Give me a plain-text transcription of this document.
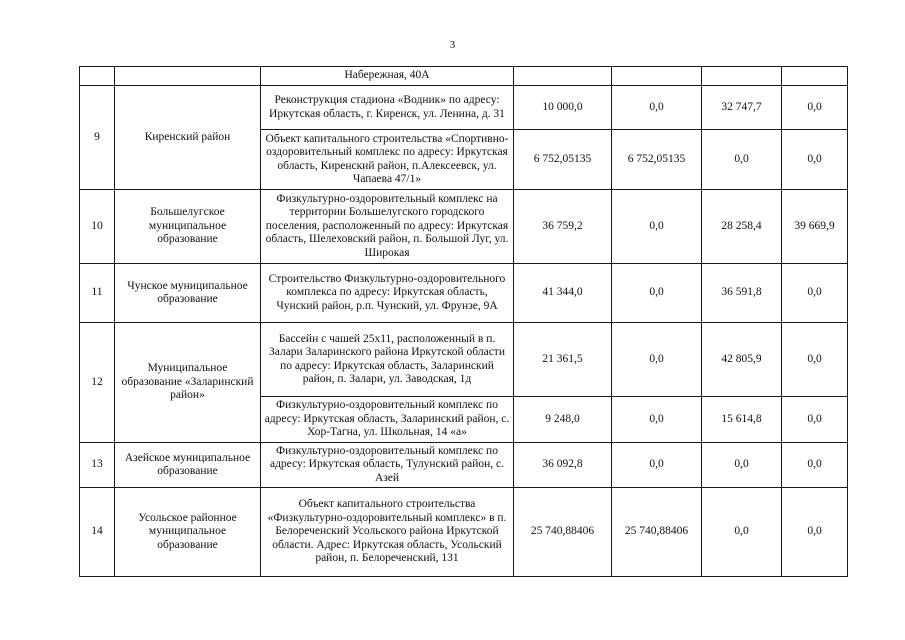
3
		Набережная, 40А				
9	Киренский район	Реконструкция стадиона «Водник» по адресу: Иркутская область, г. Киренск, ул. Ленина, д. 31	10 000,0	0,0	32 747,7	0,0
		Объект капитального строительства «Спортивно-оздоровительный комплекс по адресу: Иркутская область, Киренский район, п.Алексеевск, ул. Чапаева 47/1»	6 752,05135	6 752,05135	0,0	0,0
10	Большелугское муниципальное образование	Физкультурно-оздоровительный комплекс на территории Большелугского городского поселения, расположенный по адресу: Иркутская область, Шелеховский район, п. Большой Луг, ул. Широкая	36 759,2	0,0	28 258,4	39 669,9
11	Чунское муниципальное образование	Строительство Физкультурно-оздоровительного комплекса по адресу: Иркутская область, Чунский район, р.п. Чунский, ул. Фрунзе, 9А	41 344,0	0,0	36 591,8	0,0
12	Муниципальное образование «Заларинский район»	Бассейн с чашей 25х11, расположенный в п. Залари Заларинского района Иркутской области по адресу: Иркутская область, Заларинский район, п. Залари, ул. Заводская, 1д	21 361,5	0,0	42 805,9	0,0
		Физкультурно-оздоровительный комплекс по адресу: Иркутская область, Заларинский район, с. Хор-Тагна, ул. Школьная, 14 «а»	9 248,0	0,0	15 614,8	0,0
13	Азейское муниципальное образование	Физкультурно-оздоровительный комплекс по адресу: Иркутская область, Тулунский район, с. Азей	36 092,8	0,0	0,0	0,0
14	Усольское районное муниципальное образование	Объект капитального строительства «Физкультурно-оздоровительный комплекс» в п. Белореченский Усольского района Иркутской области. Адрес: Иркутская область, Усольский район, п. Белореченский, 131	25 740,88406	25 740,88406	0,0	0,0
